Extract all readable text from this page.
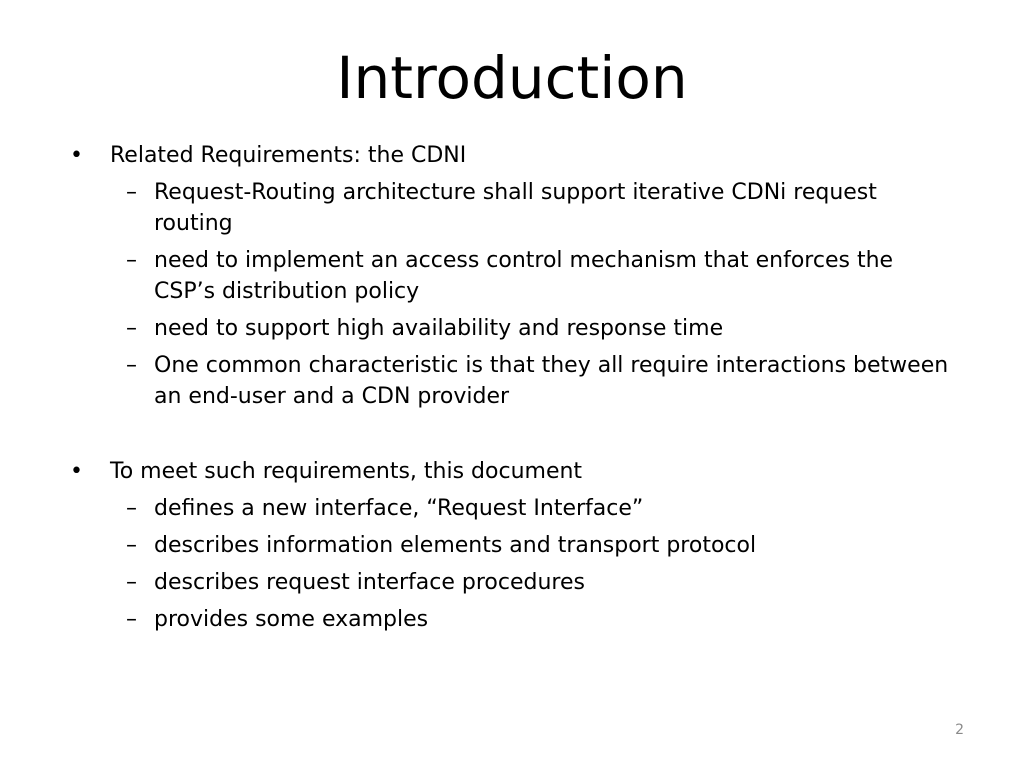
Introduction
•	Related Requirements: the CDNI
– Request-Routing architecture shall support iterative CDNi request routing
– need to implement an access control mechanism that enforces the CSP’s distribution policy
– need to support high availability and response time
– One common characteristic is that they all require interactions between an end-user and a CDN provider
•	To meet such requirements, this document
– defines a new interface, “Request Interface”
– describes information elements and transport protocol
– describes request interface procedures
– provides some examples
2
